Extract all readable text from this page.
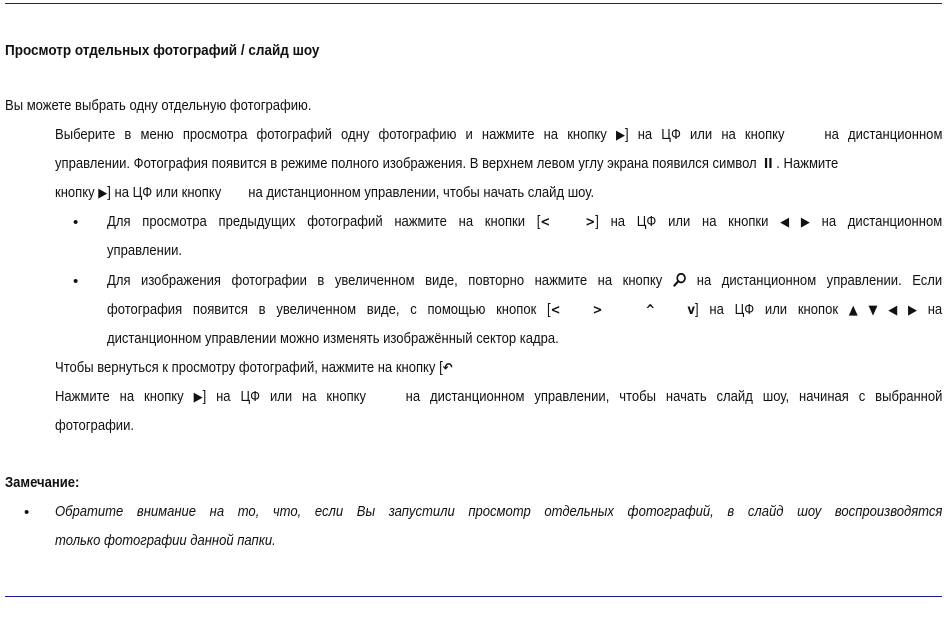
Просмотр отдельных фотографий / слайд шоу
Вы можете выбрать одну отдельную фотографию.
Выберите в меню просмотра фотографий одну фотографию и нажмите на кнопку ▶] на ЦФ или на кнопку	на дистанционном
управлении. Фотография появится в режиме полного изображения. В верхнем левом углу экрана появился символ II . Нажмите
кнопку ▶] на ЦФ или кнопку на дистанционном управлении, чтобы начать слайд шоу.
• Для просмотра предыдущих фотографий нажмите на кнопки [<	>] на ЦФ или на кнопки ◀ ▶ на дистанционном
управлении.
• Для изображения фотографии в увеличенном виде, повторно нажмите на кнопку на дистанционном управлении. Если
фотография появится в увеличенном виде, с помощью кнопок [< >	^ v] на ЦФ или кнопок ▲ ▼ ◀ ▶ на
дистанционном управлении можно изменять изображённый сектор кадра.
Чтобы вернуться к просмотру фотографий, нажмите на кнопку [↶
Нажмите на кнопку ▶] на ЦФ или на кнопку	на дистанционном управлении, чтобы начать слайд шоу, начиная с выбранной
фотографии.
Замечание:
• Обратите внимание на то, что, если Вы запустили просмотр отдельных фотографий, в слайд шоу воспроизводятся
только фотографии данной папки.
